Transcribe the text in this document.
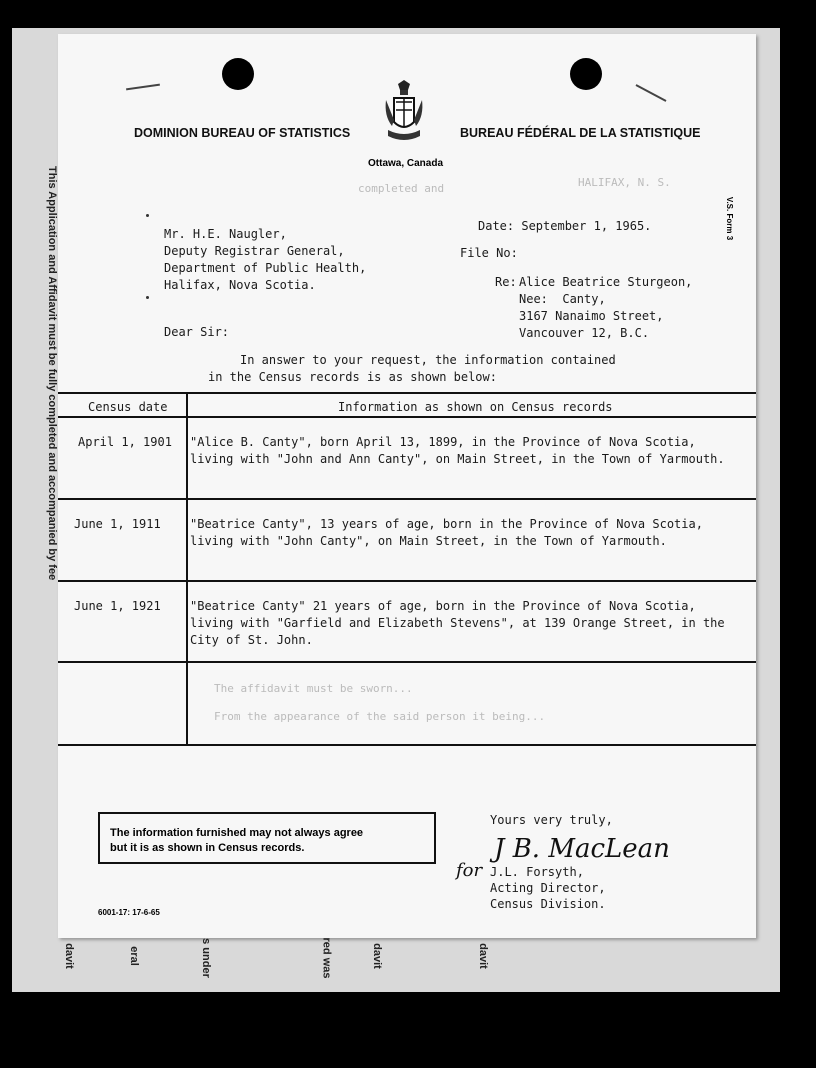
This Application and Affidavit must be fully completed and accompanied by fee	V.S. Form 3
DOMINION BUREAU OF STATISTICS	BUREAU FÉDÉRAL DE LA STATISTIQUE
Ottawa, Canada
completed and	HALIFAX, N. S.
Mr. H.E. Naugler,
Deputy Registrar General,
Department of Public Health,
Halifax, Nova Scotia.
Date: September 1, 1965.
File No:
Re: Alice Beatrice Sturgeon,
Nee:  Canty,
3167 Nanaimo Street,
Vancouver 12, B.C.
Dear Sir:
In answer to your request, the information contained
in the Census records is as shown below:
Census date	Information as shown on Census records
April 1, 1901 "Alice B. Canty", born April 13, 1899, in the Province of Nova Scotia,
living with "John and Ann Canty", on Main Street, in the Town of Yarmouth.
June 1, 1911 "Beatrice Canty", 13 years of age, born in the Province of Nova Scotia,
living with "John Canty", on Main Street, in the Town of Yarmouth.
June 1, 1921 "Beatrice Canty" 21 years of age, born in the Province of Nova Scotia,
living with "Garfield and Elizabeth Stevens", at 139 Orange Street, in the
City of St. John.
The affidavit must be sworn...
From the appearance of the said person it being...
The information furnished may not always agree
but it is as shown in Census records.
Yours very truly,
J B. MacLean
for J.L. Forsyth,
Acting Director,
Census Division.
6001-17: 17-6-65
davit	eral	s under	red was	davit	davit
